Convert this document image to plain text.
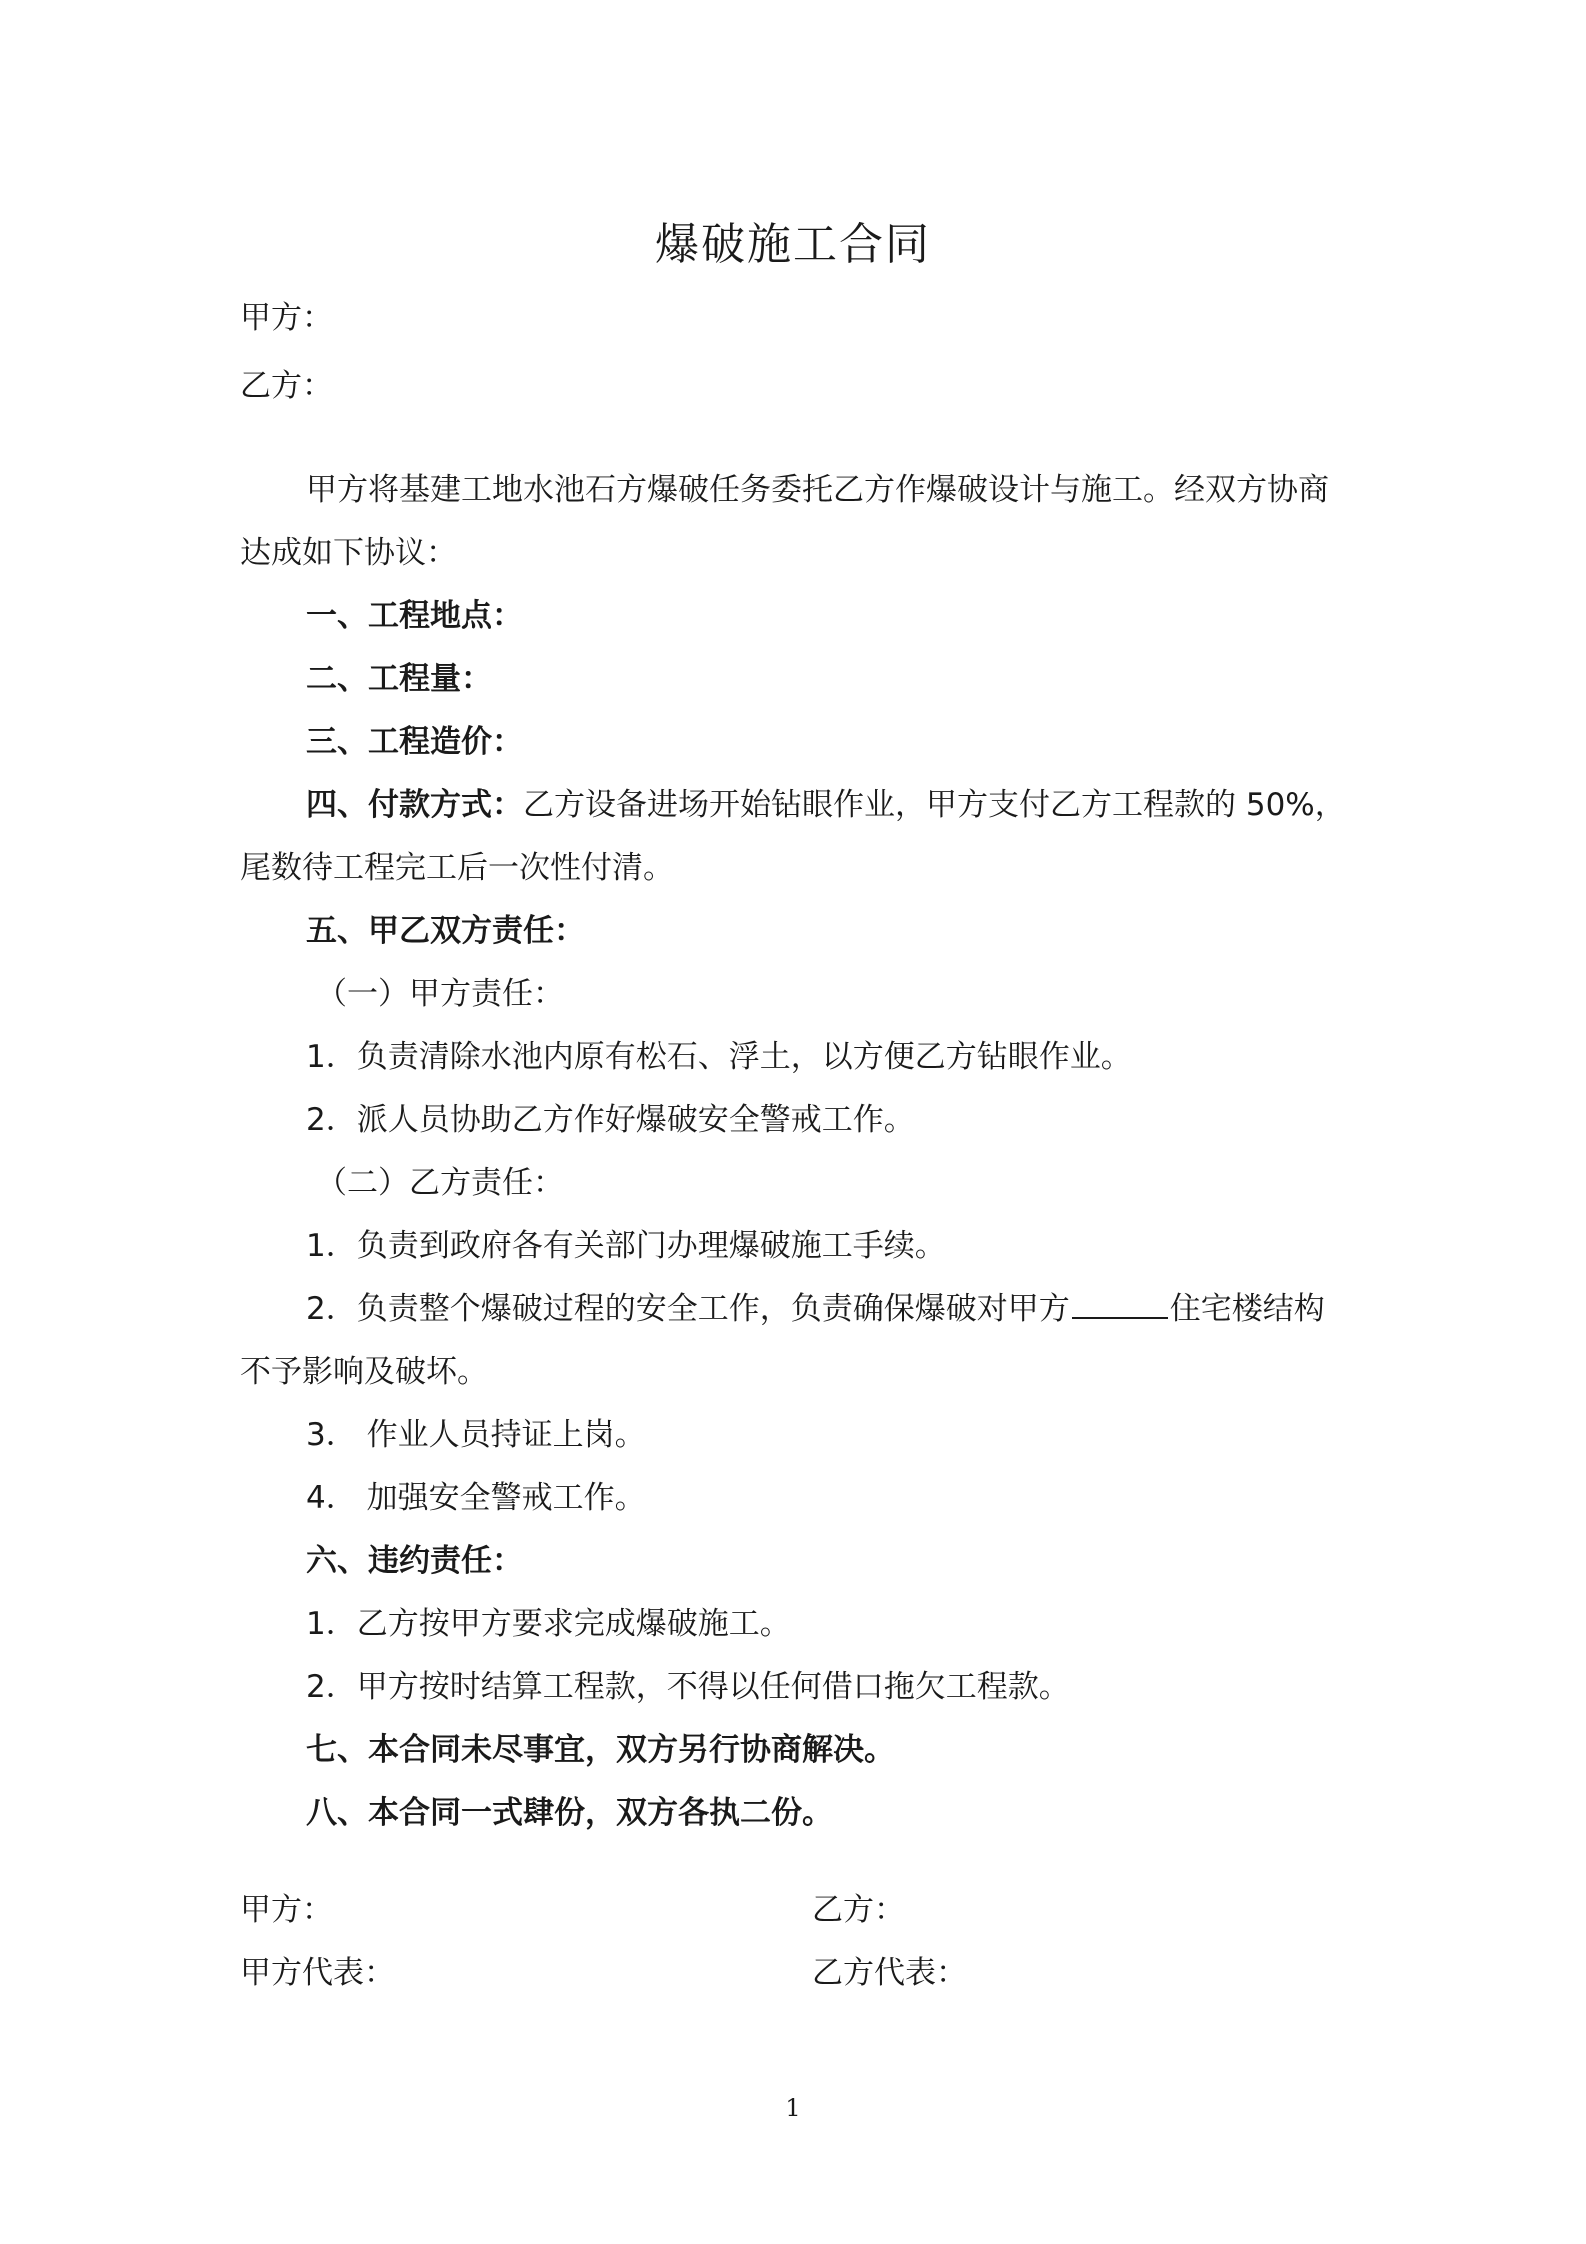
爆破施工合同
甲方：
乙方：
甲方将基建工地水池石方爆破任务委托乙方作爆破设计与施工。经双方协商
达成如下协议：
一、工程地点：
二、工程量：
三、工程造价：
四、付款方式：乙方设备进场开始钻眼作业，甲方支付乙方工程款的 50%，
尾数待工程完工后一次性付清。
五、甲乙双方责任：
（一）甲方责任：
1．负责清除水池内原有松石、浮土，以方便乙方钻眼作业。
2．派人员协助乙方作好爆破安全警戒工作。
（二）乙方责任：
1．负责到政府各有关部门办理爆破施工手续。
2．负责整个爆破过程的安全工作，负责确保爆破对甲方	住宅楼结构
不予影响及破坏。
3． 作业人员持证上岗。
4． 加强安全警戒工作。
六、违约责任：
1．乙方按甲方要求完成爆破施工。
2．甲方按时结算工程款，不得以任何借口拖欠工程款。
七、本合同未尽事宜，双方另行协商解决。
八、本合同一式肆份，双方各执二份。
甲方：	乙方：
甲方代表：	乙方代表：
1
